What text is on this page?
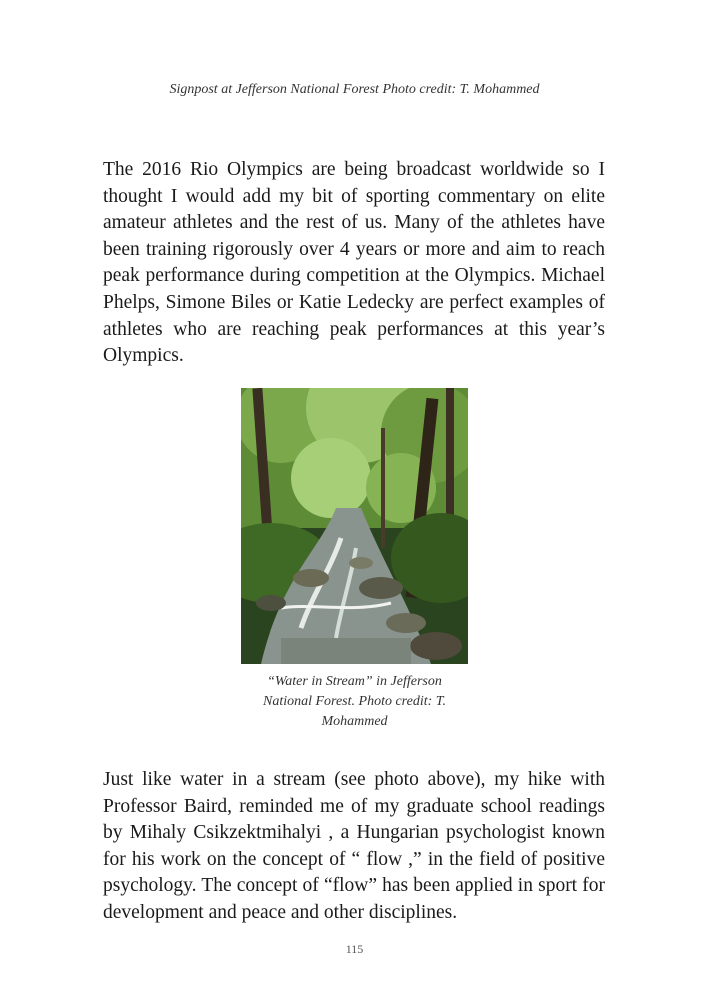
Signpost at Jefferson National Forest Photo credit: T. Mohammed

The 2016 Rio Olympics are being broadcast worldwide so I thought I would add my bit of sporting commentary on elite amateur athletes and the rest of us. Many of the athletes have been training rigorously over 4 years or more and aim to reach peak performance during competition at the Olympics. Michael Phelps, Simone Biles or Katie Ledecky are perfect examples of athletes who are reaching peak performances at this year’s Olympics.

“Water in Stream” in Jefferson
National Forest. Photo credit: T.
Mohammed

Just like water in a stream (see photo above), my hike with Professor Baird, reminded me of my graduate school readings by Mihaly Csikzektmihalyi , a Hungarian psychologist known for his work on the concept of “ flow ,” in the field of positive psychology. The concept of “flow” has been applied in sport for development and peace and other disciplines.

115
